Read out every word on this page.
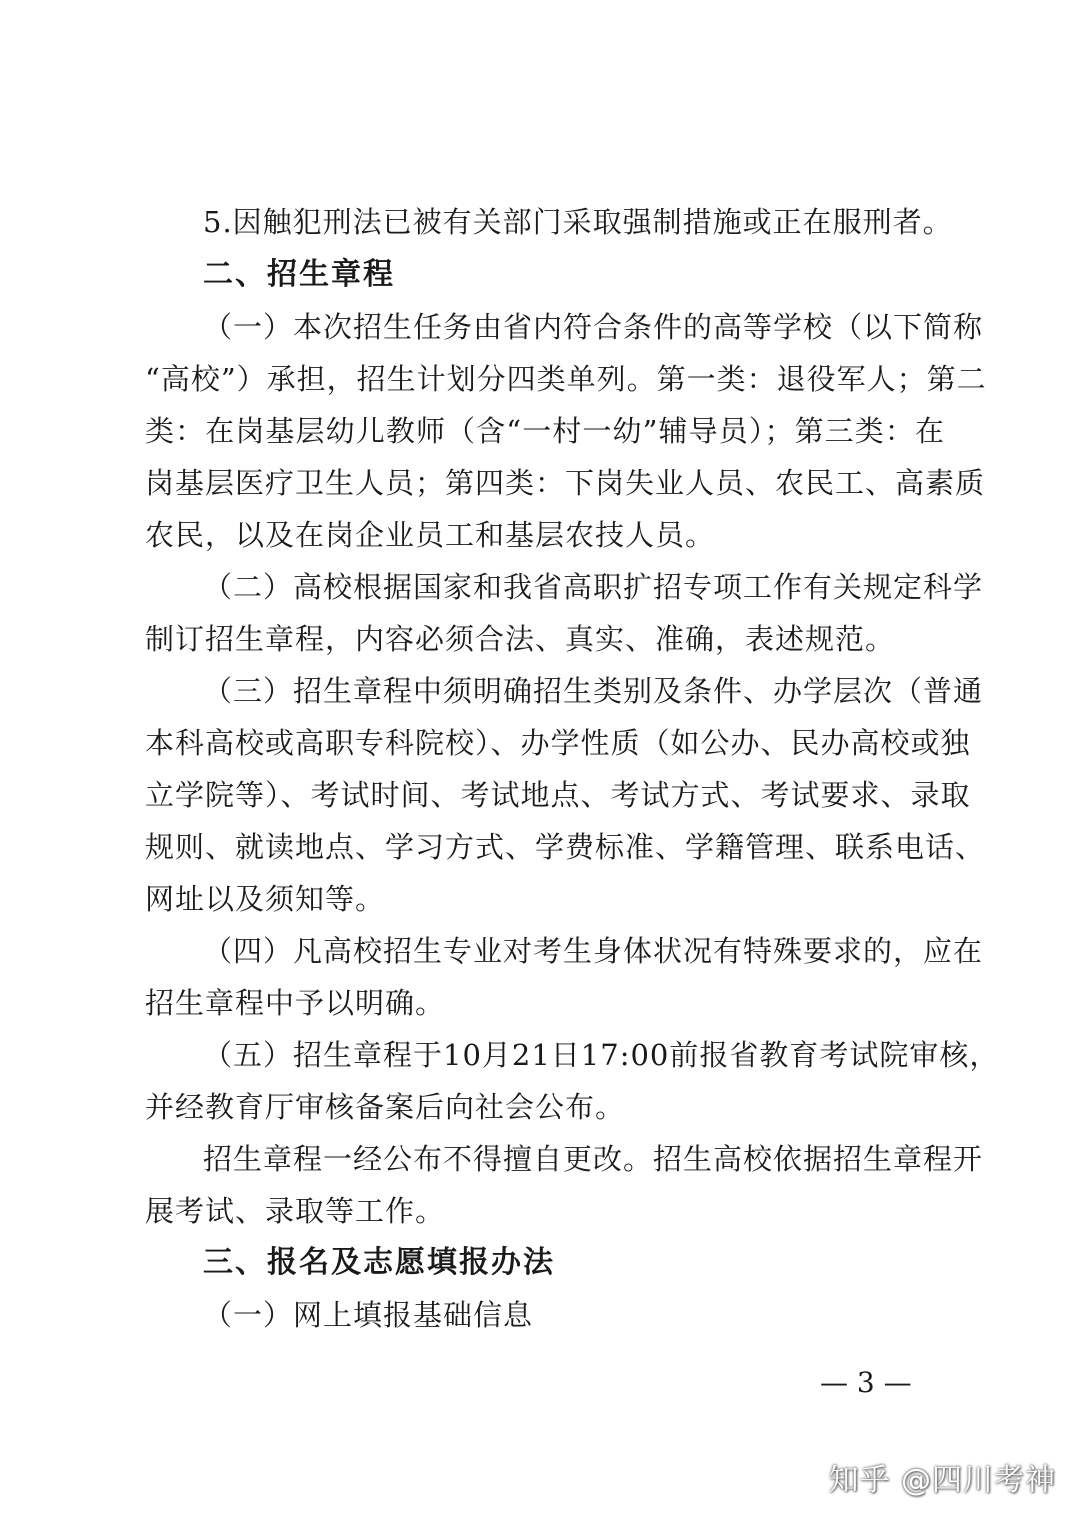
5.因触犯刑法已被有关部门采取强制措施或正在服刑者。
二、招生章程
（一）本次招生任务由省内符合条件的高等学校（以下简称
“高校”）承担，招生计划分四类单列。第一类：退役军人；第二
类：在岗基层幼儿教师（含“一村一幼”辅导员）；第三类：在
岗基层医疗卫生人员；第四类：下岗失业人员、农民工、高素质
农民，以及在岗企业员工和基层农技人员。
（二）高校根据国家和我省高职扩招专项工作有关规定科学
制订招生章程，内容必须合法、真实、准确，表述规范。
（三）招生章程中须明确招生类别及条件、办学层次（普通
本科高校或高职专科院校）、办学性质（如公办、民办高校或独
立学院等）、考试时间、考试地点、考试方式、考试要求、录取
规则、就读地点、学习方式、学费标准、学籍管理、联系电话、
网址以及须知等。
（四）凡高校招生专业对考生身体状况有特殊要求的，应在
招生章程中予以明确。
（五）招生章程于10月21日17:00前报省教育考试院审核，
并经教育厅审核备案后向社会公布。
招生章程一经公布不得擅自更改。招生高校依据招生章程开
展考试、录取等工作。
三、报名及志愿填报办法
（一）网上填报基础信息
— 3 —
知乎 @四川考神
